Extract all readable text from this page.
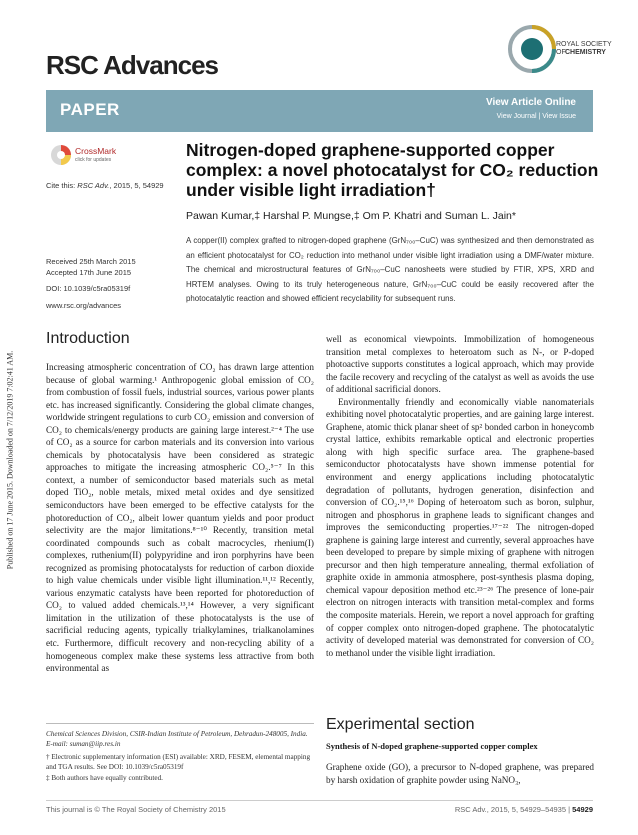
RSC Advances
ROYAL SOCIETY
OF CHEMISTRY
PAPER	View Article Online
View Journal | View Issue
Published on 17 June 2015. Downloaded on 7/12/2019 7:02:41 AM.
CrossMark
click for updates
Cite this: RSC Adv., 2015, 5, 54929
Nitrogen-doped graphene-supported copper complex: a novel photocatalyst for CO₂ reduction under visible light irradiation†
Pawan Kumar,‡ Harshal P. Mungse,‡ Om P. Khatri and Suman L. Jain*
A copper(II) complex grafted to nitrogen-doped graphene (GrN₇₀₀–CuC) was synthesized and then demonstrated as an efficient photocatalyst for CO₂ reduction into methanol under visible light irradiation using a DMF/water mixture. The chemical and microstructural features of GrN₇₀₀–CuC nanosheets were studied by FTIR, XPS, XRD and HRTEM analyses. Owing to its truly heterogeneous nature, GrN₇₀₀–CuC could be easily recovered after the photocatalytic reaction and showed efficient recyclability for subsequent runs.
Received 25th March 2015
Accepted 17th June 2015
DOI: 10.1039/c5ra05319f
www.rsc.org/advances
Introduction

Increasing atmospheric concentration of CO₂ has drawn large attention because of global warming.¹ Anthropogenic global emission of CO₂ from combustion of fossil fuels, industrial sources, various power plants etc. has increased significantly. Considering the global climate changes, worldwide stringent regulations to curb CO₂ emission and conversion of CO₂ to chemicals/energy products are gaining large interest.²⁻⁴ The use of CO₂ as a source for carbon materials and its conversion into various chemicals by photocatalysis have been considered as strategic approaches to mitigate the increasing atmospheric CO₂.⁵⁻⁷ In this context, a number of semiconductor based materials such as metal doped TiO₂, noble metals, mixed metal oxides and dye sensitized semiconductors have been emerged to be effective catalysts for the photoreduction of CO₂, albeit lower quantum yields and poor product selectivity are the major limitations.⁸⁻¹⁰ Recently, transition metal coordinated compounds such as cobalt macrocycles, rhenium(I) complexes, ruthenium(II) polypyridine and iron porphyrins have been recognized as promising photocatalysts for reduction of carbon dioxide to high value chemicals under visible light illumination.¹¹,¹² Recently, various enzymatic catalysts have been reported for photoreduction of CO₂ to valued added chemicals.¹³,¹⁴ However, a very significant limitation in the utilization of these photocatalysts is the use of sacrificial reducing agents, typically trialkylamines, trialkanolamines etc. Furthermore, difficult recovery and non-recycling ability of a homogeneous complex make these systems less attractive from both environmental as

well as economical viewpoints. Immobilization of homogeneous transition metal complexes to heteroatom such as N-, or P-doped photoactive supports constitutes a logical approach, which may provide the facile recovery and recycling of the catalyst as well as avoids the use of additional sacrificial donors.

Environmentally friendly and economically viable nanomaterials exhibiting novel photocatalytic properties, and are gaining large interest. Graphene, atomic thick planar sheet of sp² bonded carbon in honeycomb crystal lattice, exhibits remarkable optical and electronic properties along with high specific surface area. The graphene-based semiconductor photocatalysts have shown immense potential for environment and energy applications including photocatalytic degradation of pollutants, hydrogen generation, disinfection and conversion of CO₂.¹⁵,¹⁶ Doping of heteroatom such as boron, sulphur, nitrogen and phosphorus in graphene leads to significant changes and improves the semiconducting properties.¹⁷⁻²² The nitrogen-doped graphene is gaining large interest and currently, several approaches have been developed to prepare by simple mixing of graphene with nitrogen precursor and then high temperature annealing, thermal exfoliation of graphite oxide in ammonia atmosphere, post-synthesis plasma doping, chemical vapour deposition method etc.²³⁻²⁶ The presence of lone-pair electron on nitrogen interacts with transition metal-complex and forms the composite materials. Herein, we report a novel approach for grafting of copper complex onto nitrogen-doped graphene. The photocatalytic activity of developed material was demonstrated for conversion of CO₂ to methanol under the visible light irradiation.

Experimental section
Synthesis of N-doped graphene-supported copper complex

Graphene oxide (GO), a precursor to N-doped graphene, was prepared by harsh oxidation of graphite powder using NaNO₃,

Chemical Sciences Division, CSIR-Indian Institute of Petroleum, Dehradun-248005, India. E-mail: suman@iip.res.in
† Electronic supplementary information (ESI) available: XRD, FESEM, elemental mapping and TGA results. See DOI: 10.1039/c5ra05319f
‡ Both authors have equally contributed.
This journal is © The Royal Society of Chemistry 2015	RSC Adv., 2015, 5, 54929–54935 | 54929
